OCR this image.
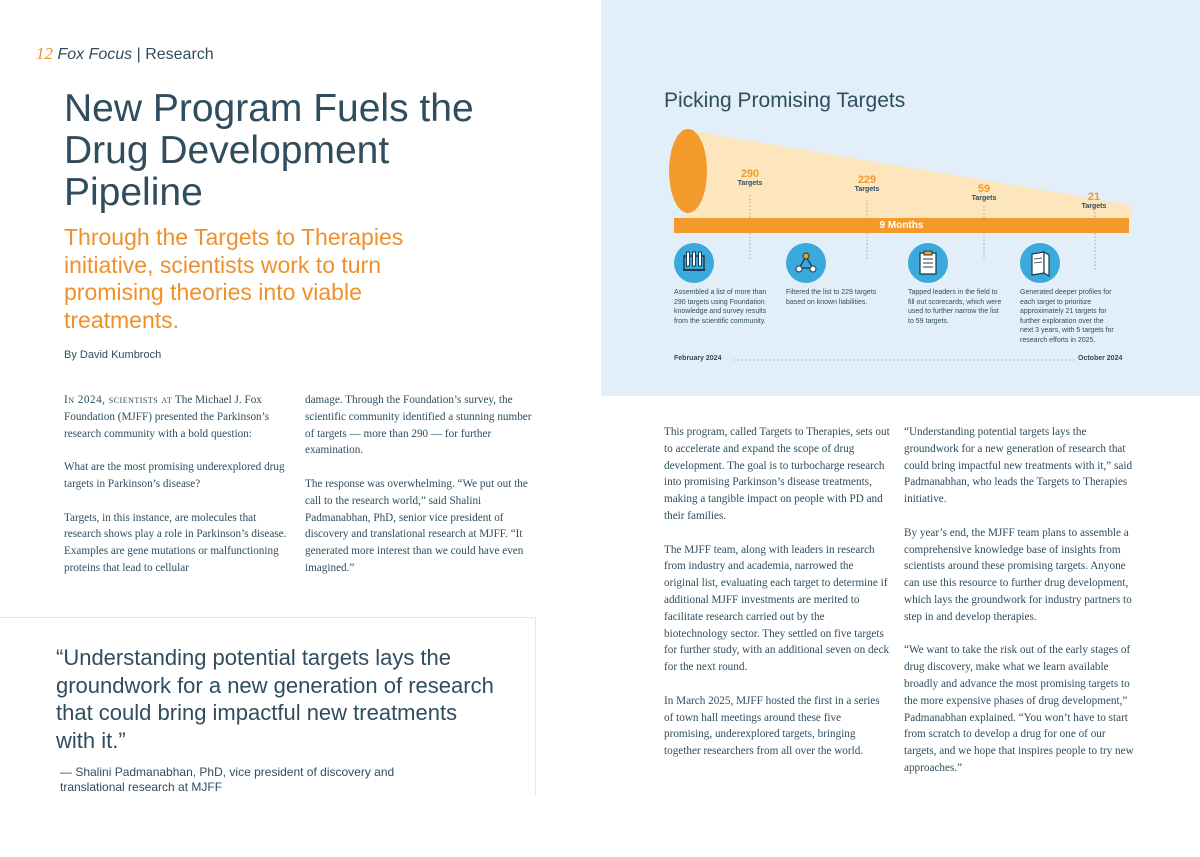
12 Fox Focus | Research
New Program Fuels the Drug Development Pipeline
Through the Targets to Therapies initiative, scientists work to turn promising theories into viable treatments.
By David Kumbroch

In 2024, scientists at The Michael J. Fox Foundation (MJFF) presented the Parkinson’s research community with a bold question:

What are the most promising underexplored drug targets in Parkinson’s disease?

Targets, in this instance, are molecules that research shows play a role in Parkinson’s disease. Examples are gene mutations or malfunctioning proteins that lead to cellular

damage. Through the Foundation’s survey, the scientific community identified a stunning number of targets — more than 290 — for further examination.

The response was overwhelming. “We put out the call to the research world,” said Shalini Padmanabhan, PhD, senior vice president of discovery and translational research at MJFF. “It generated more interest than we could have even imagined.”

“Understanding potential targets lays the groundwork for a new generation of research that could bring impactful new treatments with it.”
— Shalini Padmanabhan, PhD, vice president of discovery and translational research at MJFF
Picking Promising Targets
290
Targets	229
Targets	59
Targets	21
Targets
9 Months
Assembled a list of more than 290 targets using Foundation knowledge and survey results from the scientific community.
Filtered the list to 229 targets based on known liabilities.
Tapped leaders in the field to fill out scorecards, which were used to further narrow the list to 59 targets.
Generated deeper profiles for each target to prioritize approximately 21 targets for further exploration over the next 3 years, with 5 targets for research efforts in 2025.
February 2024	October 2024

This program, called Targets to Therapies, sets out to accelerate and expand the scope of drug development. The goal is to turbocharge research into promising Parkinson’s disease treatments, making a tangible impact on people with PD and their families.

The MJFF team, along with leaders in research from industry and academia, narrowed the original list, evaluating each target to determine if additional MJFF investments are merited to facilitate research carried out by the biotechnology sector. They settled on five targets for further study, with an additional seven on deck for the next round.

In March 2025, MJFF hosted the first in a series of town hall meetings around these five promising, underexplored targets, bringing together researchers from all over the world.

“Understanding potential targets lays the groundwork for a new generation of research that could bring impactful new treatments with it,” said Padmanabhan, who leads the Targets to Therapies initiative.

By year’s end, the MJFF team plans to assemble a comprehensive knowledge base of insights from scientists around these promising targets. Anyone can use this resource to further drug development, which lays the groundwork for industry partners to step in and develop therapies.

“We want to take the risk out of the early stages of drug discovery, make what we learn available broadly and advance the most promising targets to the more expensive phases of drug development,” Padmanabhan explained. “You won’t have to start from scratch to develop a drug for one of our targets, and we hope that inspires people to try new approaches.”
